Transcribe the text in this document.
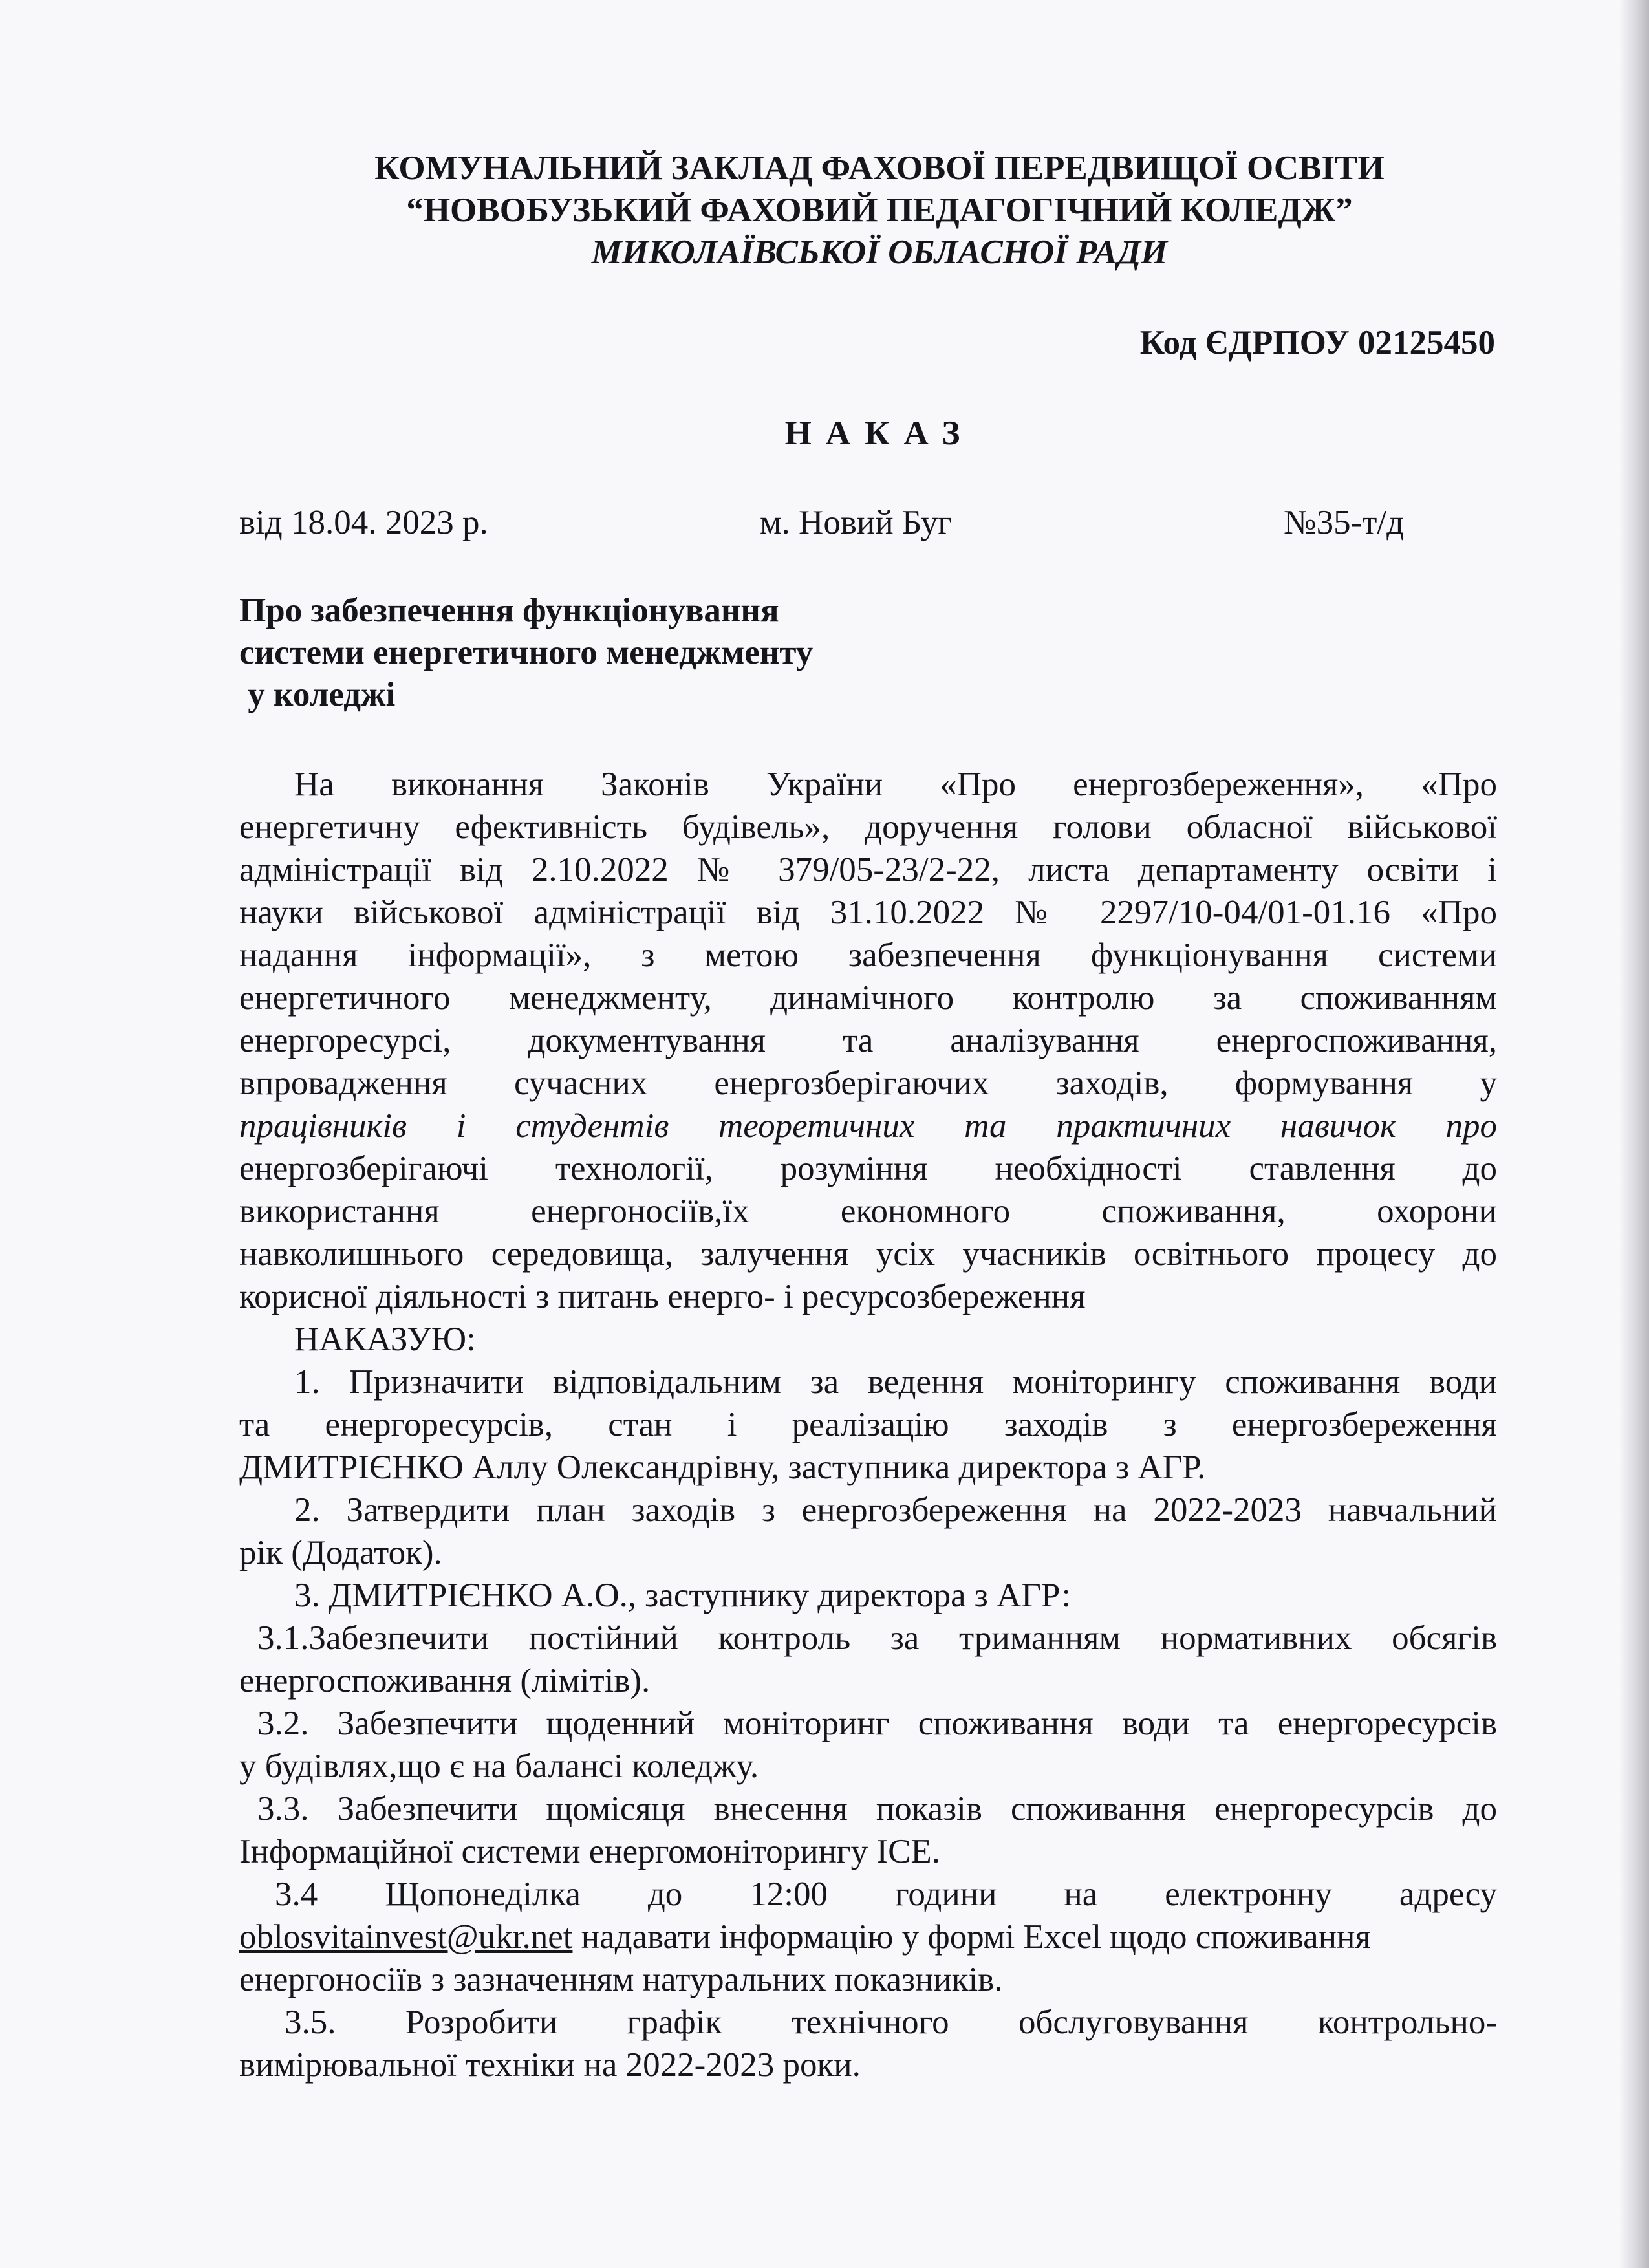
КОМУНАЛЬНИЙ ЗАКЛАД ФАХОВОЇ ПЕРЕДВИЩОЇ ОСВІТИ
“НОВОБУЗЬКИЙ ФАХОВИЙ ПЕДАГОГІЧНИЙ КОЛЕДЖ”
МИКОЛАЇВСЬКОЇ ОБЛАСНОЇ РАДИ
Код ЄДРПОУ 02125450
НАКАЗ
від 18.04. 2023 р.	м. Новий Буг	№35-т/д
Про забезпечення функціонування
системи енергетичного менеджменту
у коледжі
На виконання Законів України «Про енергозбереження», «Про
енергетичну ефективність будівель», доручення голови обласної військової
адміністрації від 2.10.2022 № 379/05-23/2-22, листа департаменту освіти і
науки військової адміністрації від 31.10.2022 № 2297/10-04/01-01.16 «Про
надання інформації», з метою забезпечення функціонування системи
енергетичного менеджменту, динамічного контролю за споживанням
енергоресурсі, документування та аналізування енергоспоживання,
впровадження сучасних енергозберігаючих заходів, формування у
працівників і студентів теоретичних та практичних навичок про
енергозберігаючі технології, розуміння необхідності ставлення до
використання енергоносіїв,їх економного споживання, охорони
навколишнього середовища, залучення усіх учасників освітнього процесу до
корисної діяльності з питань енерго- і ресурсозбереження
НАКАЗУЮ:
1. Призначити відповідальним за ведення моніторингу споживання води
та енергоресурсів, стан і реалізацію заходів з енергозбереження
ДМИТРІЄНКО Аллу Олександрівну, заступника директора з АГР.
2. Затвердити план заходів з енергозбереження на 2022-2023 навчальний
рік (Додаток).
3. ДМИТРІЄНКО А.О., заступнику директора з АГР:
3.1.Забезпечити постійний контроль за триманням нормативних обсягів
енергоспоживання (лімітів).
3.2. Забезпечити щоденний моніторинг споживання води та енергоресурсів
у будівлях,що є на балансі коледжу.
3.3. Забезпечити щомісяця внесення показів споживання енергоресурсів до
Інформаційної системи енергомоніторингу ІСЕ.
3.4 Щопонеділка до 12:00 години на електронну адресу
oblosvitainvest@ukr.net надавати інформацію у формі Excel щодо споживання
енергоносіїв з зазначенням натуральних показників.
3.5. Розробити графік технічного обслуговування контрольно-
вимірювальної техніки на 2022-2023 роки.
